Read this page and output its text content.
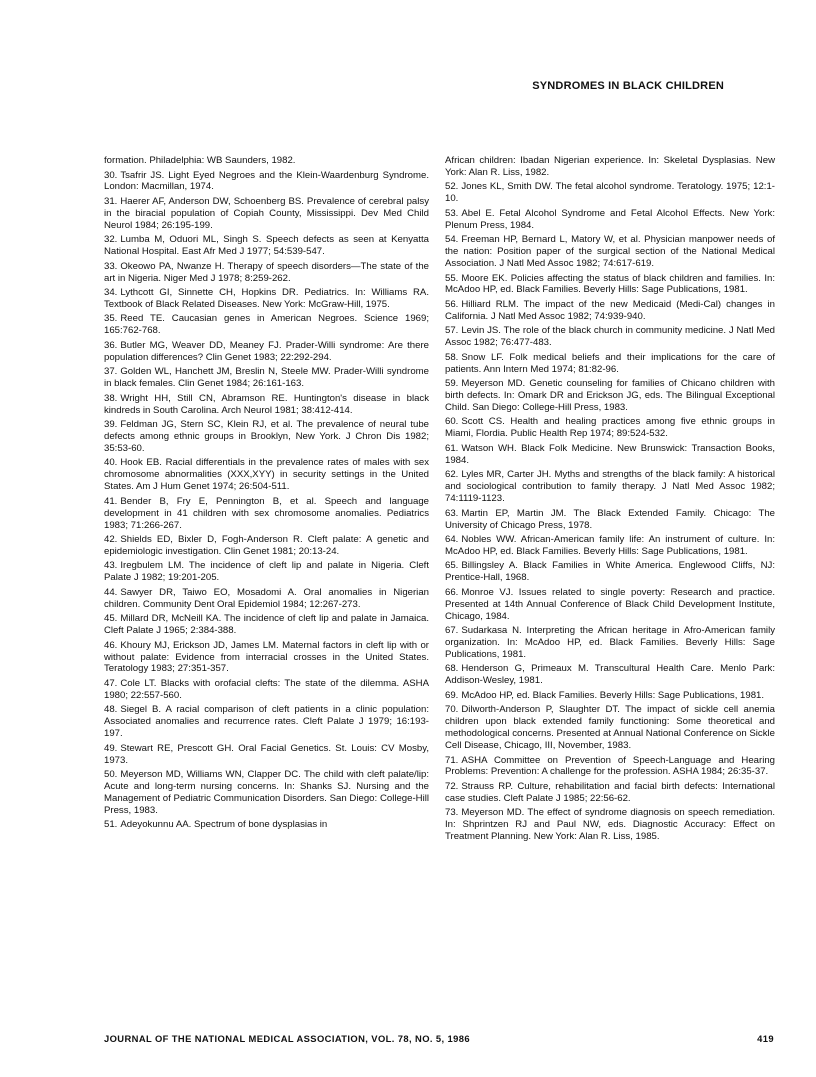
SYNDROMES IN BLACK CHILDREN

formation. Philadelphia: WB Saunders, 1982.

30. Tsafrir JS. Light Eyed Negroes and the Klein-Waardenburg Syndrome. London: Macmillan, 1974.

31. Haerer AF, Anderson DW, Schoenberg BS. Prevalence of cerebral palsy in the biracial population of Copiah County, Mississippi. Dev Med Child Neurol 1984; 26:195-199.

32. Lumba M, Oduori ML, Singh S. Speech defects as seen at Kenyatta National Hospital. East Afr Med J 1977; 54:539-547.

33. Okeowo PA, Nwanze H. Therapy of speech disorders—The state of the art in Nigeria. Niger Med J 1978; 8:259-262.

34. Lythcott GI, Sinnette CH, Hopkins DR. Pediatrics. In: Williams RA. Textbook of Black Related Diseases. New York: McGraw-Hill, 1975.

35. Reed TE. Caucasian genes in American Negroes. Science 1969; 165:762-768.

36. Butler MG, Weaver DD, Meaney FJ. Prader-Willi syndrome: Are there population differences? Clin Genet 1983; 22:292-294.

37. Golden WL, Hanchett JM, Breslin N, Steele MW. Prader-Willi syndrome in black females. Clin Genet 1984; 26:161-163.

38. Wright HH, Still CN, Abramson RE. Huntington's disease in black kindreds in South Carolina. Arch Neurol 1981; 38:412-414.

39. Feldman JG, Stern SC, Klein RJ, et al. The prevalence of neural tube defects among ethnic groups in Brooklyn, New York. J Chron Dis 1982; 35:53-60.

40. Hook EB. Racial differentials in the prevalence rates of males with sex chromosome abnormalities (XXX,XYY) in security settings in the United States. Am J Hum Genet 1974; 26:504-511.

41. Bender B, Fry E, Pennington B, et al. Speech and language development in 41 children with sex chromosome anomalies. Pediatrics 1983; 71:266-267.

42. Shields ED, Bixler D, Fogh-Anderson R. Cleft palate: A genetic and epidemiologic investigation. Clin Genet 1981; 20:13-24.

43. Iregbulem LM. The incidence of cleft lip and palate in Nigeria. Cleft Palate J 1982; 19:201-205.

44. Sawyer DR, Taiwo EO, Mosadomi A. Oral anomalies in Nigerian children. Community Dent Oral Epidemiol 1984; 12:267-273.

45. Millard DR, McNeill KA. The incidence of cleft lip and palate in Jamaica. Cleft Palate J 1965; 2:384-388.

46. Khoury MJ, Erickson JD, James LM. Maternal factors in cleft lip with or without palate: Evidence from interracial crosses in the United States. Teratology 1983; 27:351-357.

47. Cole LT. Blacks with orofacial clefts: The state of the dilemma. ASHA 1980; 22:557-560.

48. Siegel B. A racial comparison of cleft patients in a clinic population: Associated anomalies and recurrence rates. Cleft Palate J 1979; 16:193-197.

49. Stewart RE, Prescott GH. Oral Facial Genetics. St. Louis: CV Mosby, 1973.

50. Meyerson MD, Williams WN, Clapper DC. The child with cleft palate/lip: Acute and long-term nursing concerns. In: Shanks SJ. Nursing and the Management of Pediatric Communication Disorders. San Diego: College-Hill Press, 1983.

51. Adeyokunnu AA. Spectrum of bone dysplasias in

African children: Ibadan Nigerian experience. In: Skeletal Dysplasias. New York: Alan R. Liss, 1982.

52. Jones KL, Smith DW. The fetal alcohol syndrome. Teratology. 1975; 12:1-10.

53. Abel E. Fetal Alcohol Syndrome and Fetal Alcohol Effects. New York: Plenum Press, 1984.

54. Freeman HP, Bernard L, Matory W, et al. Physician manpower needs of the nation: Position paper of the surgical section of the National Medical Association. J Natl Med Assoc 1982; 74:617-619.

55. Moore EK. Policies affecting the status of black children and families. In: McAdoo HP, ed. Black Families. Beverly Hills: Sage Publications, 1981.

56. Hilliard RLM. The impact of the new Medicaid (Medi-Cal) changes in California. J Natl Med Assoc 1982; 74:939-940.

57. Levin JS. The role of the black church in community medicine. J Natl Med Assoc 1982; 76:477-483.

58. Snow LF. Folk medical beliefs and their implications for the care of patients. Ann Intern Med 1974; 81:82-96.

59. Meyerson MD. Genetic counseling for families of Chicano children with birth defects. In: Omark DR and Erickson JG, eds. The Bilingual Exceptional Child. San Diego: College-Hill Press, 1983.

60. Scott CS. Health and healing practices among five ethnic groups in Miami, Flordia. Public Health Rep 1974; 89:524-532.

61. Watson WH. Black Folk Medicine. New Brunswick: Transaction Books, 1984.

62. Lyles MR, Carter JH. Myths and strengths of the black family: A historical and sociological contribution to family therapy. J Natl Med Assoc 1982; 74:1119-1123.

63. Martin EP, Martin JM. The Black Extended Family. Chicago: The University of Chicago Press, 1978.

64. Nobles WW. African-American family life: An instrument of culture. In: McAdoo HP, ed. Black Families. Beverly Hills: Sage Publications, 1981.

65. Billingsley A. Black Families in White America. Englewood Cliffs, NJ: Prentice-Hall, 1968.

66. Monroe VJ. Issues related to single poverty: Research and practice. Presented at 14th Annual Conference of Black Child Development Institute, Chicago, 1984.

67. Sudarkasa N. Interpreting the African heritage in Afro-American family organization. In: McAdoo HP, ed. Black Families. Beverly Hills: Sage Publications, 1981.

68. Henderson G, Primeaux M. Transcultural Health Care. Menlo Park: Addison-Wesley, 1981.

69. McAdoo HP, ed. Black Families. Beverly Hills: Sage Publications, 1981.

70. Dilworth-Anderson P, Slaughter DT. The impact of sickle cell anemia children upon black extended family functioning: Some theoretical and methodological concerns. Presented at Annual National Conference on Sickle Cell Disease, Chicago, III, November, 1983.

71. ASHA Committee on Prevention of Speech-Language and Hearing Problems: Prevention: A challenge for the profession. ASHA 1984; 26:35-37.

72. Strauss RP. Culture, rehabilitation and facial birth defects: International case studies. Cleft Palate J 1985; 22:56-62.

73. Meyerson MD. The effect of syndrome diagnosis on speech remediation. In: Shprintzen RJ and Paul NW, eds. Diagnostic Accuracy: Effect on Treatment Planning. New York: Alan R. Liss, 1985.

JOURNAL OF THE NATIONAL MEDICAL ASSOCIATION, VOL. 78, NO. 5, 1986	419
